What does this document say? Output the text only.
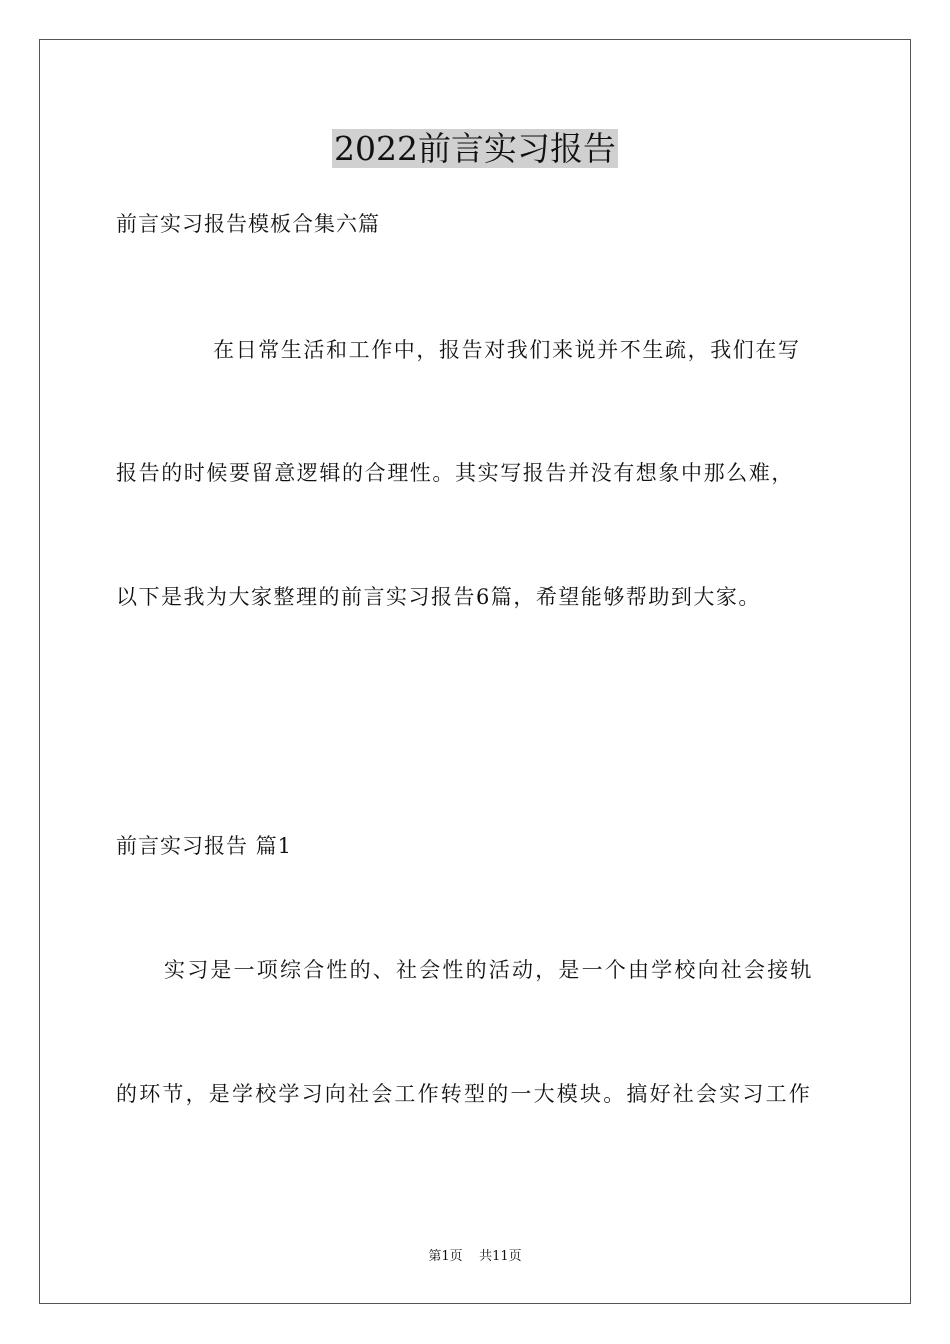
2022前言实习报告
前言实习报告模板合集六篇
在日常生活和工作中，报告对我们来说并不生疏，我们在写
报告的时候要留意逻辑的合理性。其实写报告并没有想象中那么难，
以下是我为大家整理的前言实习报告6篇，希望能够帮助到大家。
前言实习报告 篇1
实习是一项综合性的、社会性的活动，是一个由学校向社会接轨
的环节，是学校学习向社会工作转型的一大模块。搞好社会实习工作
第1页    共11页
